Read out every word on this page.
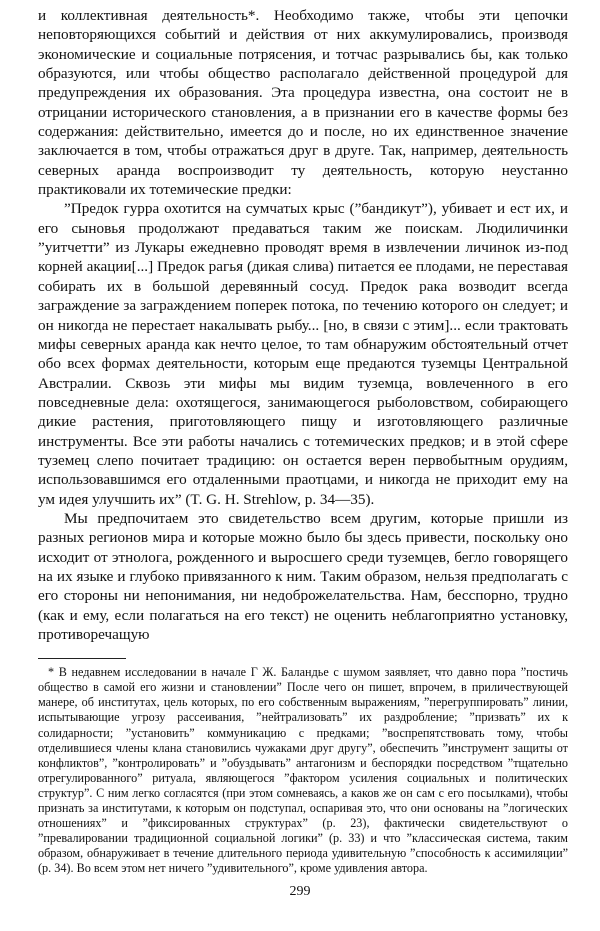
и коллективная деятельность*. Необходимо также, чтобы эти цепочки неповторяющихся событий и действия от них аккумулировались, производя экономические и социальные потрясения, и тотчас разрывались бы, как только образуются, или чтобы общество располагало действенной процедурой для предупреждения их образования. Эта процедура известна, она состоит не в отрицании исторического становления, а в признании его в качестве формы без содержания: действительно, имеется до и после, но их единственное значение заключается в том, чтобы отражаться друг в друге. Так, например, деятельность северных аранда воспроизводит ту деятельность, которую неустанно практиковали их тотемические предки:

”Предок гурра охотится на сумчатых крыс (”бандикут”), убивает и ест их, и его сыновья продолжают предаваться таким же поискам. Людиличинки ”уитчетти” из Лукары ежедневно проводят время в извлечении личинок из-под корней акации[...] Предок рагья (дикая слива) питается ее плодами, не переставая собирать их в большой деревянный сосуд. Предок рака возводит всегда заграждение за заграждением поперек потока, по течению которого он следует; и он никогда не перестает накалывать рыбу... [но, в связи с этим]... если трактовать мифы северных аранда как нечто целое, то там обнаружим обстоятельный отчет обо всех формах деятельности, которым еще предаются туземцы Центральной Австралии. Сквозь эти мифы мы видим туземца, вовлеченного в его повседневные дела: охотящегося, занимающегося рыболовством, собирающего дикие растения, приготовляющего пищу и изготовляющего различные инструменты. Все эти работы начались с тотемических предков; и в этой сфере туземец слепо почитает традицию: он остается верен первобытным орудиям, использовавшимся его отдаленными праотцами, и никогда не приходит ему на ум идея улучшить их” (T. G. H. Strehlow, p. 34—35).

Мы предпочитаем это свидетельство всем другим, которые пришли из разных регионов мира и которые можно было бы здесь привести, поскольку оно исходит от этнолога, рожденного и выросшего среди туземцев, бегло говорящего на их языке и глубоко привязанного к ним. Таким образом, нельзя предполагать с его стороны ни непонимания, ни недоброжелательства. Нам, бесспорно, трудно (как и ему, если полагаться на его текст) не оценить неблагоприятно установку, противоречащую

* В недавнем исследовании в начале Г Ж. Баландье с шумом заявляет, что давно пора ”постичь общество в самой его жизни и становлении” После чего он пишет, впрочем, в приличествующей манере, об институтах, цель которых, по его собственным выражениям, ”перегруппировать” линии, испытывающие угрозу рассеивания, ”нейтрализовать” их раздробление; ”призвать” их к солидарности; ”установить” коммуникацию с предками; ”воспрепятствовать тому, чтобы отделившиеся члены клана становились чужаками друг другу”, обеспечить ”инструмент защиты от конфликтов”, ”контролировать” и ”обуздывать” антагонизм и беспорядки посредством ”тщательно отрегулированного” ритуала, являющегося ”фактором усиления социальных и политических структур”. С ним легко согласятся (при этом сомневаясь, а каков же он сам с его посылками), чтобы признать за институтами, к которым он подступал, оспаривая это, что они основаны на ”логических отношениях” и ”фиксированных структурах” (р. 23), фактически свидетельствуют о ”превалировании традиционной социальной логики” (р. 33) и что ”классическая система, таким образом, обнаруживает в течение длительного периода удивительную ”способность к ассимиляции” (р. 34). Во всем этом нет ничего ”удивительного”, кроме удивления автора.

299
